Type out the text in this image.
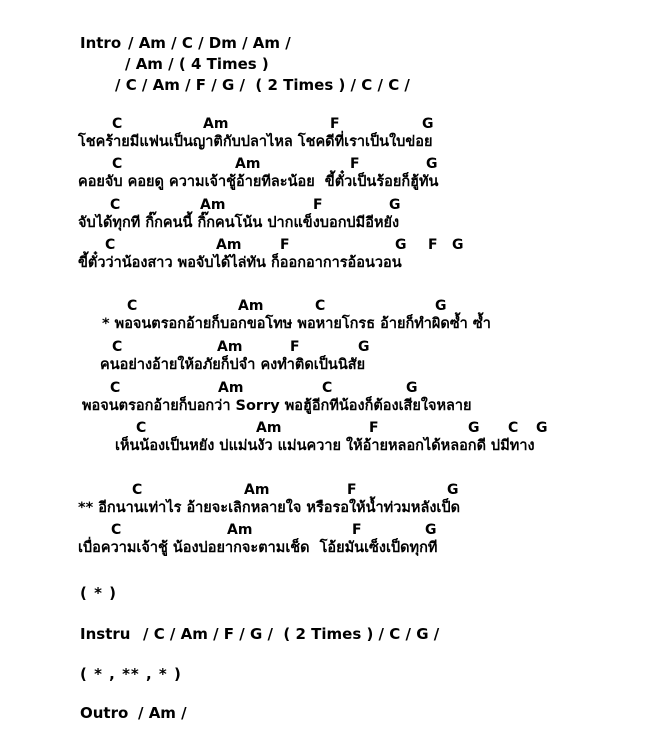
Intro / Am / C / Dm / Am /
/ Am / ( 4 Times )
/ C / Am / F / G /  ( 2 Times ) / C / C /
C	Am	F	G
โชคร้ายมีแฟนเป็นญาติกับปลาไหล โชคดีที่เราเป็นใบข่อย
C	Am	F	G
คอยจับ คอยดู ความเจ้าชู้อ้ายทีละน้อย  ขี้ตั๋วเป็นร้อยก็ฮู้ทัน
C	Am	F	G
จับได้ทุกที กิ๊กคนนี้ กิ๊กคนโน้น ปากแข็งบอกบ่มีอีหยัง
C	Am	F	G F G
ขี้ตั๋วว่าน้องสาว พอจับได้ไล่ทัน ก็ออกอาการอ้อนวอน
C	Am	C	G
* พอจนตรอกอ้ายก็บอกขอโทษ พอหายโกรธ อ้ายก็ทำผิดซ้ำ ซ้ำ
C	Am	F	G
คนอย่างอ้ายให้อภัยก็บ่จำ คงทำติดเป็นนิสัย
C	Am	C	G
พอจนตรอกอ้ายก็บอกว่า Sorry พอฮู้อีกทีน้องก็ต้องเสียใจหลาย
C	Am	F	G C G
เห็นน้องเป็นหยัง บ่แม่นงัว แม่นควาย ให้อ้ายหลอกได้หลอกดี บ่มีทาง
C	Am	F	G
** อีกนานเท่าไร อ้ายจะเลิกหลายใจ หรือรอให้น้ำท่วมหลังเป็ด
C	Am	F	G
เบื่อความเจ้าชู้ น้องบ่อยากจะตามเช็ด  โอ้ยมันเซ็งเป็ดทุกที
( * )
Instru / C / Am / F / G /  ( 2 Times ) / C / G /
( * , ** , * )
Outro / Am /
